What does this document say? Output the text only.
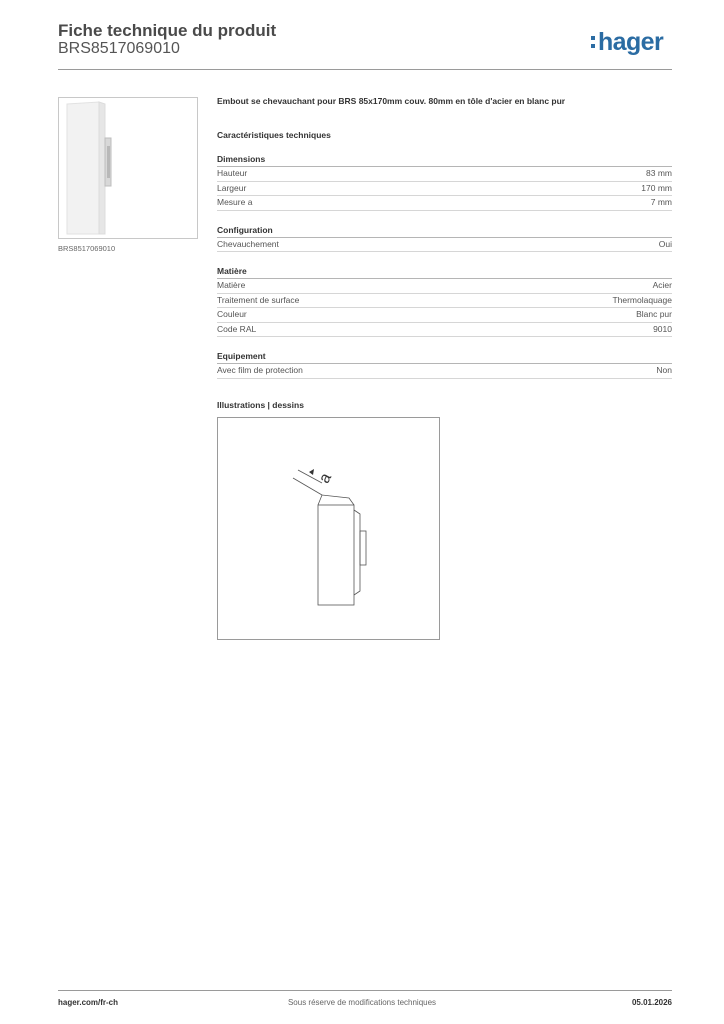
Fiche technique du produit
BRS8517069010	hager
BRS8517069010
Embout se chevauchant pour BRS 85x170mm couv. 80mm en tôle d'acier en blanc pur
Caractéristiques techniques
Dimensions
Hauteur	83 mm
Largeur	170 mm
Mesure a	7 mm
Configuration
Chevauchement	Oui
Matière
Matière	Acier
Traitement de surface	Thermolaquage
Couleur	Blanc pur
Code RAL	9010
Equipement
Avec film de protection	Non
Illustrations | dessins
a
hager.com/fr-ch	Sous réserve de modifications techniques	05.01.2026
